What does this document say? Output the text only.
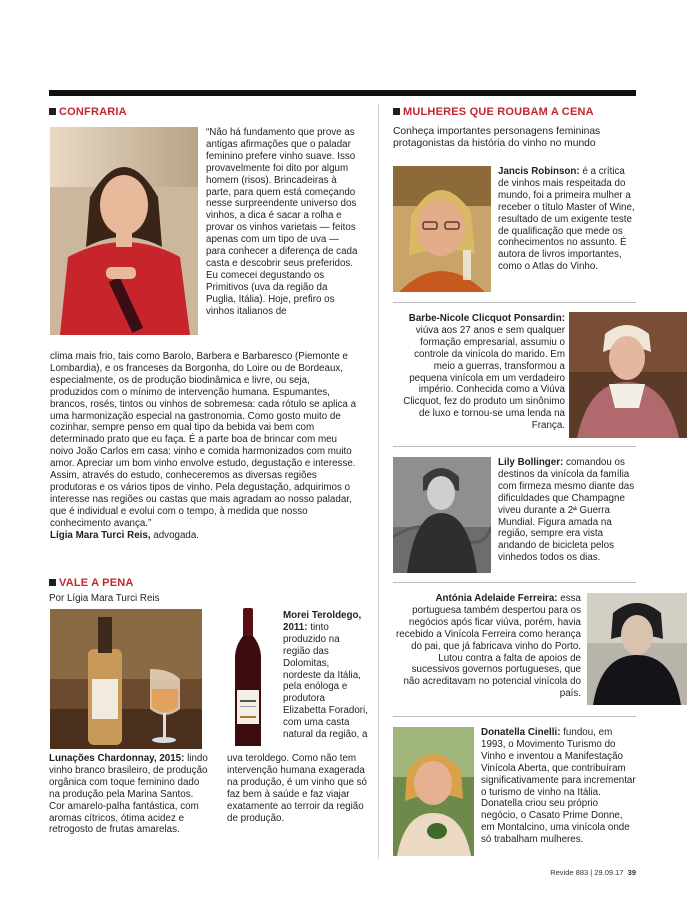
CONFRARIA
“Não há fundamento que prove as antigas afirmações que o paladar feminino prefere vinho suave. Isso provavelmente foi dito por algum homem (risos). Brincadeiras à parte, para quem está começando nesse surpreendente universo dos vinhos, a dica é sacar a rolha e provar os vinhos varietais — feitos apenas com um tipo de uva — para conhecer a diferença de cada casta e descobrir seus preferidos. Eu comecei degustando os Primitivos (uva da região da Puglia, Itália). Hoje, prefiro os vinhos italianos de
clima mais frio, tais como Barolo, Barbera e Barbaresco (Piemonte e Lombardia), e os franceses da Borgonha, do Loire ou de Bordeaux, especialmente, os de produção biodinâmica e livre, ou seja, produzidos com o mínimo de intervenção humana. Espumantes, brancos, rosés, tintos ou vinhos de sobremesa: cada rótulo se aplica a uma harmonização especial na gastronomia. Como gosto muito de cozinhar, sempre penso em qual tipo da bebida vai bem com determinado prato que eu faça. É a parte boa de brincar com meu noivo João Carlos em casa: vinho e comida harmonizados com muito amor. Apreciar um bom vinho envolve estudo, degustação e interesse. Assim, através do estudo, conheceremos as diversas regiões produtoras e os vários tipos de vinho. Pela degustação, adquirimos o interesse nas regiões ou castas que mais agradam ao nosso paladar, que é individual e evolui com o tempo, à medida que nosso conhecimento avança.”
Lígia Mara Turci Reis, advogada.
VALE A PENA
Por Lígia Mara Turci Reis
Lunações Chardonnay, 2015: lindo vinho branco brasileiro, de produção orgânica com toque feminino dado na produção pela Marina Santos. Cor amarelo-palha fantástica, com aromas cítricos, ótima acidez e retrogosto de frutas amarelas.
Morei Teroldego, 2011: tinto produzido na região das Dolomitas, nordeste da Itália, pela enóloga e produtora Elizabetta Foradori, com uma casta natural da região, a
uva teroldego. Como não tem intervenção humana exagerada na produção, é um vinho que só faz bem à saúde e faz viajar exatamente ao terroir da região de produção.
MULHERES QUE ROUBAM A CENA
Conheça importantes personagens femininas protagonistas da história do vinho no mundo
Jancis Robinson: é a crítica de vinhos mais respeitada do mundo, foi a primeira mulher a receber o título Master of Wine, resultado de um exigente teste de qualificação que mede os conhecimentos no assunto. É autora de livros importantes, como o Atlas do Vinho.
Barbe-Nicole Clicquot Ponsardin: viúva aos 27 anos e sem qualquer formação empresarial, assumiu o controle da vinícola do marido. Em meio a guerras, transformou a pequena vinícola em um verdadeiro império. Conhecida como a Viúva Clicquot, fez do produto um sinônimo de luxo e tornou-se uma lenda na França.
Lily Bollinger: comandou os destinos da vinícola da família com firmeza mesmo diante das dificuldades que Champagne viveu durante a 2ª Guerra Mundial. Figura amada na região, sempre era vista andando de bicicleta pelos vinhedos todos os dias.
Antónia Adelaide Ferreira: essa portuguesa também despertou para os negócios após ficar viúva, porém, havia recebido a Vinícola Ferreira como herança do pai, que já fabricava vinho do Porto. Lutou contra a falta de apoios de sucessivos governos portugueses, que não acreditavam no potencial vinícola do país.
Donatella Cinelli: fundou, em 1993, o Movimento Turismo do Vinho e inventou a Manifestação Vinícola Aberta, que contribuíram significativamente para incrementar o turismo de vinho na Itália. Donatella criou seu próprio negócio, o Casato Prime Donne, em Montalcino, uma vinícola onde só trabalham mulheres.
Revide 883 | 29.09.17 39
